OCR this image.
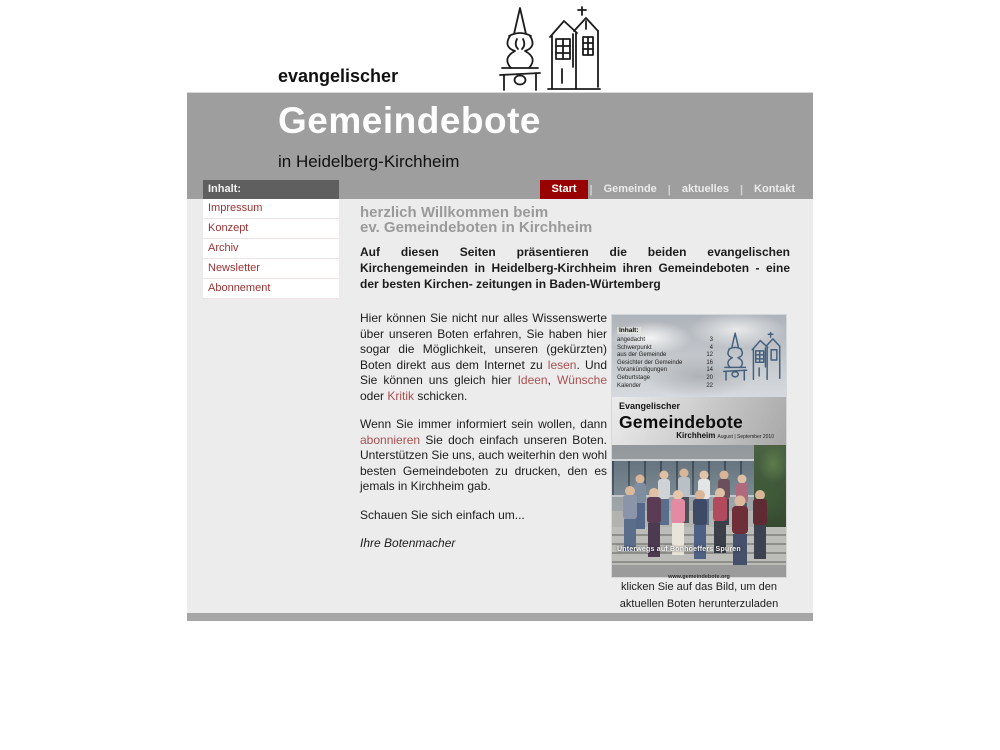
evangelischer
Gemeindebote
in Heidelberg-Kirchheim
Inhalt:	Start	|	Gemeinde	|	aktuelles	|	Kontakt
Impressum
Konzept
Archiv
Newsletter
Abonnement
herzlich Willkommen beim
ev. Gemeindeboten in Kirchheim

Auf diesen Seiten präsentieren die beiden evangelischen Kirchengemeinden in Heidelberg-Kirchheim ihren Gemeindeboten - eine der besten Kirchen- zeitungen in Baden-Würtemberg

Hier können Sie nicht nur alles Wissenswerte über unseren Boten erfahren, Sie haben hier sogar die Möglichkeit, unseren (gekürzten) Boten direkt aus dem Internet zu lesen. Und Sie können uns gleich hier Ideen, Wünsche oder Kritik schicken.

Wenn Sie immer informiert sein wollen, dann abonnieren Sie doch einfach unseren Boten. Unterstützen Sie uns, auch weiterhin den wohl besten Gemeindeboten zu drucken, den es jemals in Kirchheim gab.

Schauen Sie sich einfach um...

Ihre Botenmacher

Inhalt:
angedacht	3
Schwerpunkt	4
aus der Gemeinde	12
Gesichter der Gemeinde	16
Vorankündigungen	14
Geburtstage	20
Kalender	22
Evangelischer
Gemeindebote
Kirchheim August | September 2010
Unterwegs auf Bonhoeffers Spuren
www.gemeindebote.org
klicken Sie auf das Bild, um den
aktuellen Boten herunterzuladen
